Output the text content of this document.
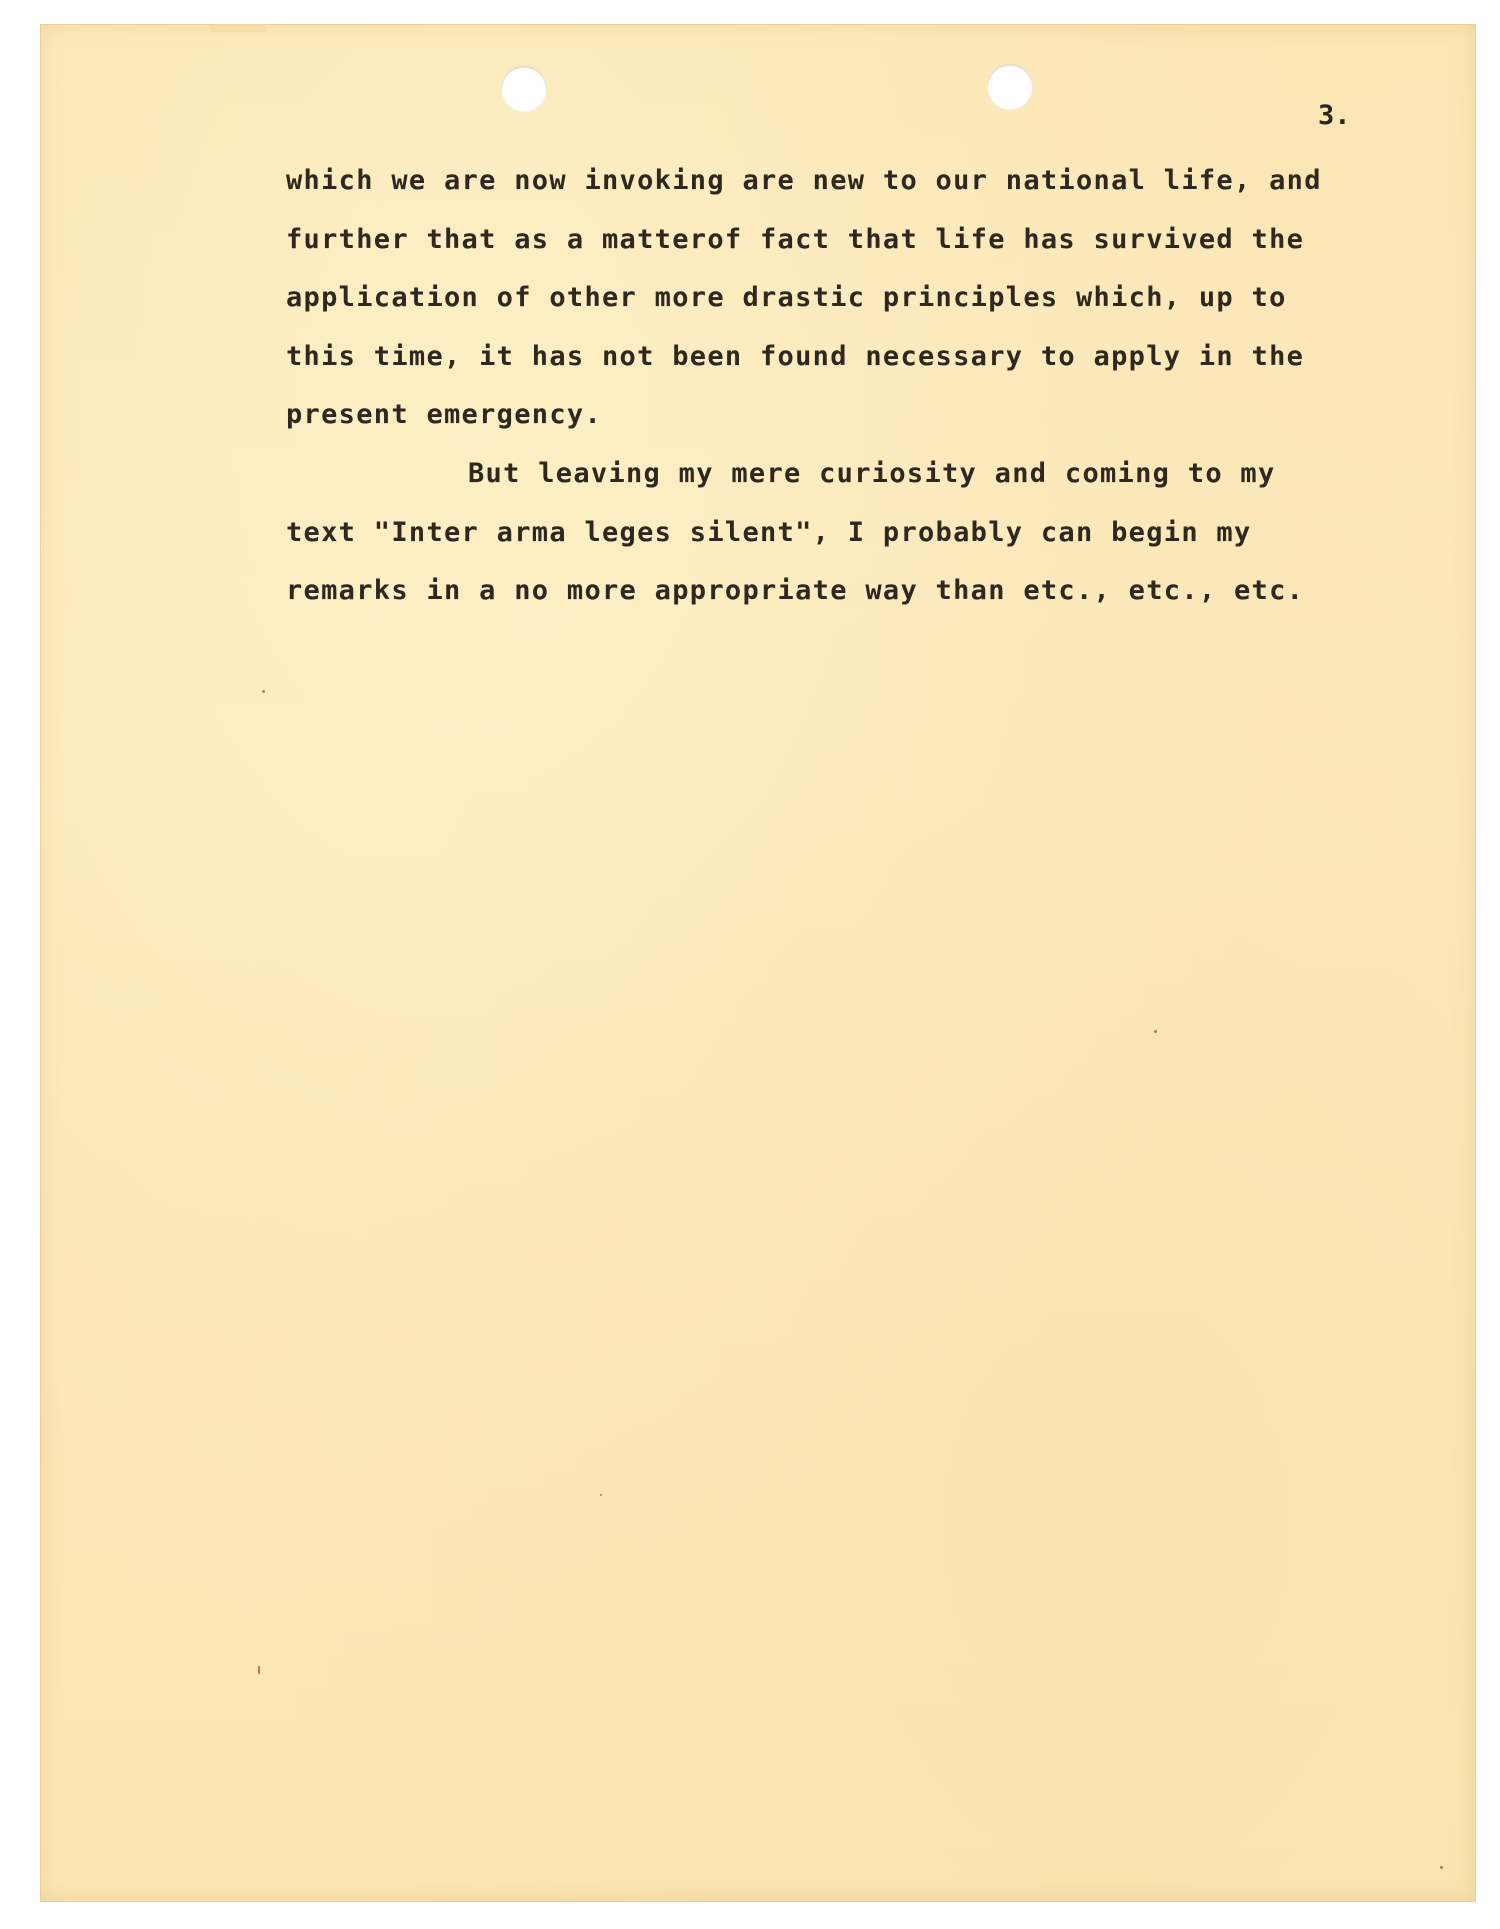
3.

which we are now invoking are new to our national life, and

further that as a matterof fact that life has survived the

application of other more drastic principles which, up to

this time, it has not been found necessary to apply in the

present emergency.

But leaving my mere curiosity and coming to my

text "Inter arma leges silent", I probably can begin my

remarks in a no more appropriate way than etc., etc., etc.
